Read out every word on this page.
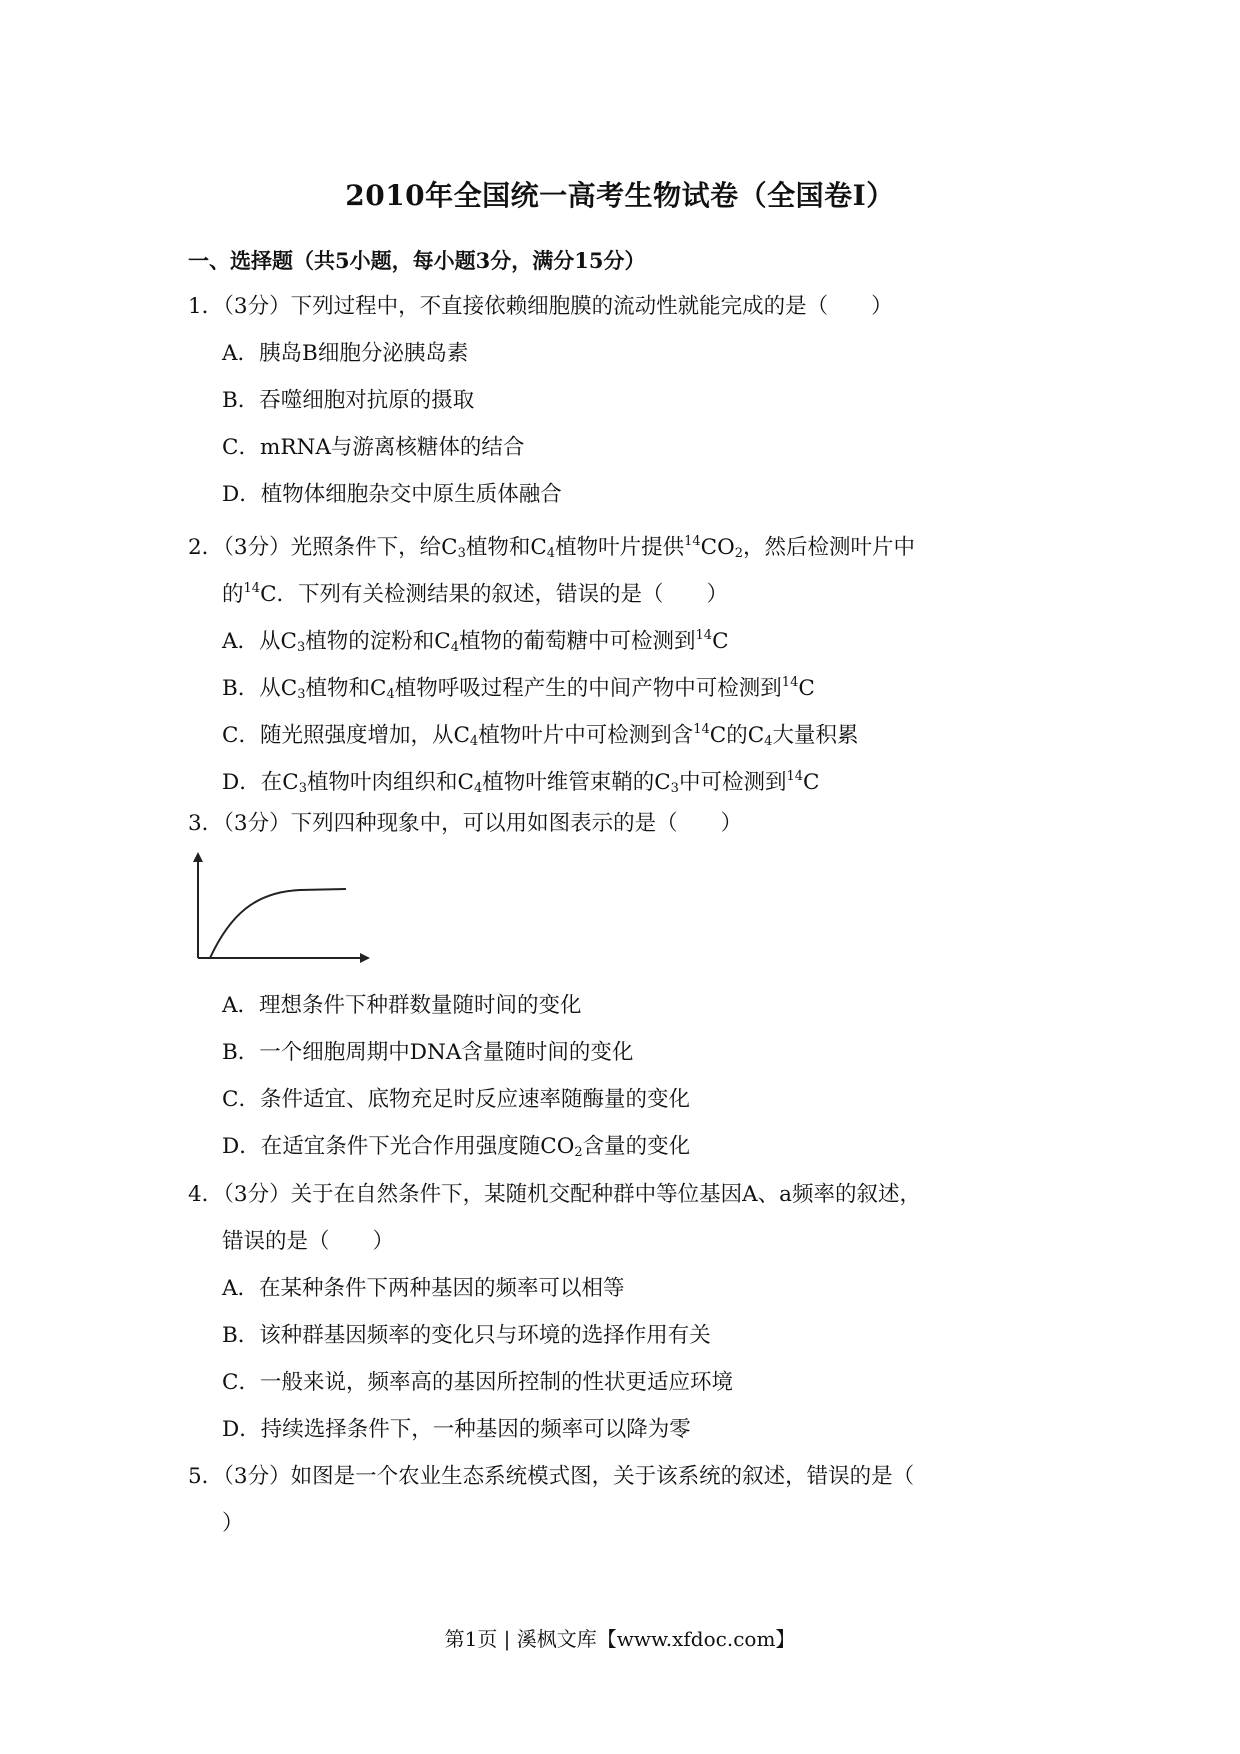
2010年全国统一高考生物试卷（全国卷Ⅰ）
一、选择题（共5小题，每小题3分，满分15分）
1．（3分）下列过程中，不直接依赖细胞膜的流动性就能完成的是（　　）
A．胰岛B细胞分泌胰岛素
B．吞噬细胞对抗原的摄取
C．mRNA与游离核糖体的结合
D．植物体细胞杂交中原生质体融合
2．（3分）光照条件下，给$C_3$植物和$C_4$植物叶片提供$^{14}CO_2$，然后检测叶片中
的$^{14}$C．下列有关检测结果的叙述，错误的是（　　）
A．从$C_3$植物的淀粉和$C_4$植物的葡萄糖中可检测到$^{14}$C
B．从$C_3$植物和$C_4$植物呼吸过程产生的中间产物中可检测到$^{14}$C
C．随光照强度增加，从$C_4$植物叶片中可检测到含$^{14}$C的$C_4$大量积累
D．在$C_3$植物叶肉组织和$C_4$植物叶维管束鞘的$C_3$中可检测到$^{14}$C
3．（3分）下列四种现象中，可以用如图表示的是（　　）
A．理想条件下种群数量随时间的变化
B．一个细胞周期中DNA含量随时间的变化
C．条件适宜、底物充足时反应速率随酶量的变化
D．在适宜条件下光合作用强度随$CO_2$含量的变化
4．（3分）关于在自然条件下，某随机交配种群中等位基因A、a频率的叙述，
错误的是（　　）
A．在某种条件下两种基因的频率可以相等
B．该种群基因频率的变化只与环境的选择作用有关
C．一般来说，频率高的基因所控制的性状更适应环境
D．持续选择条件下，一种基因的频率可以降为零
5．（3分）如图是一个农业生态系统模式图，关于该系统的叙述，错误的是（
）
第1页 | 溪枫文库【www.xfdoc.com】
